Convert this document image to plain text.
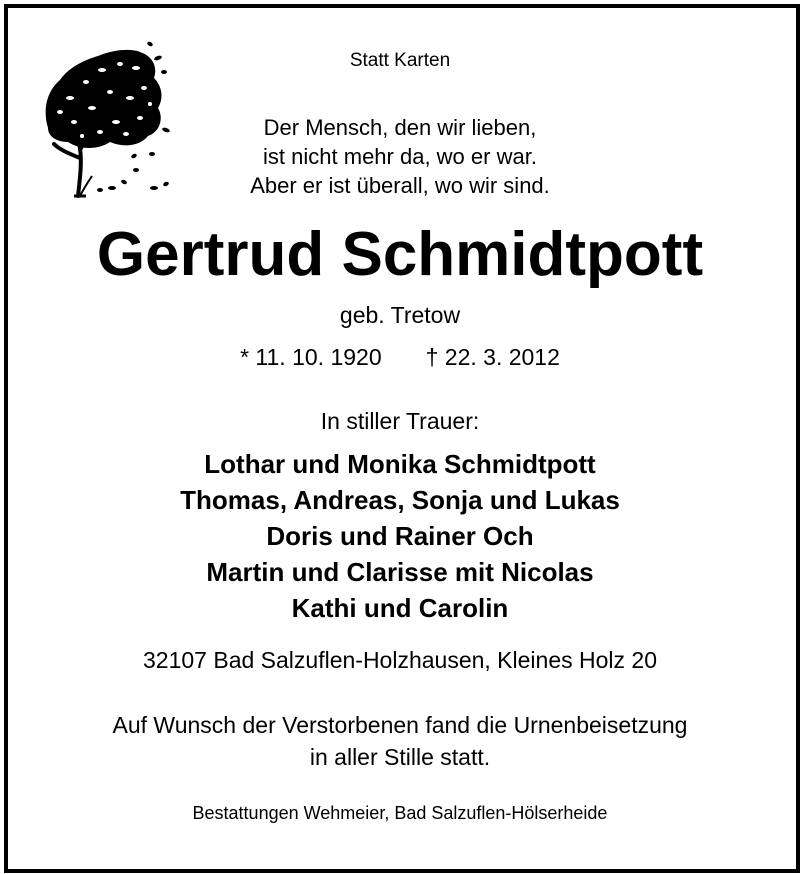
Statt Karten
Der Mensch, den wir lieben,
ist nicht mehr da, wo er war.
Aber er ist überall, wo wir sind.
Gertrud Schmidtpott
geb. Tretow
* 11. 10. 1920 † 22. 3. 2012
In stiller Trauer:
Lothar und Monika Schmidtpott
Thomas, Andreas, Sonja und Lukas
Doris und Rainer Och
Martin und Clarisse mit Nicolas
Kathi und Carolin
32107 Bad Salzuflen-Holzhausen, Kleines Holz 20
Auf Wunsch der Verstorbenen fand die Urnenbeisetzung
in aller Stille statt.
Bestattungen Wehmeier, Bad Salzuflen-Hölserheide
